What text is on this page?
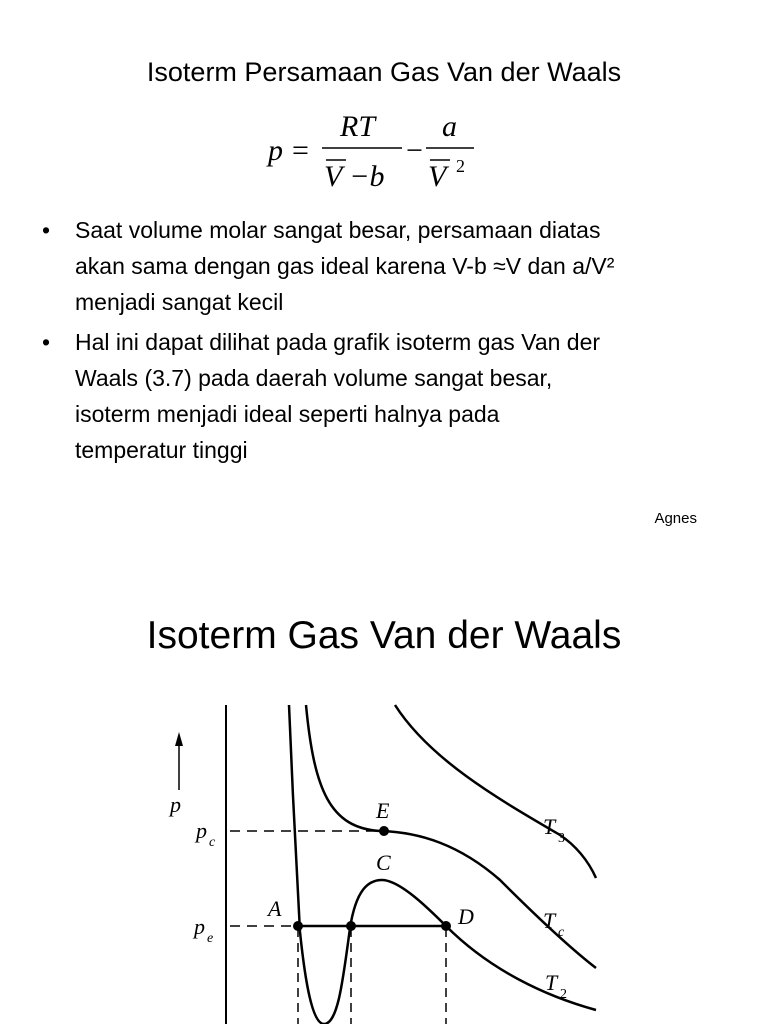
Isoterm Persamaan Gas Van der Waals
p =
RT
V −b
−
a
V 2
• Saat volume molar sangat besar, persamaan diatas
akan sama dengan gas ideal karena V-b ≈V dan a/V²
menjadi sangat kecil
• Hal ini dapat dilihat pada grafik isoterm gas Van der
Waals (3.7) pada daerah volume sangat besar,
isoterm menjadi ideal seperti halnya pada
temperatur tinggi
Agnes
Isoterm Gas Van der Waals
p
p c
p e
E
C
A	D
T 3
T c
T 2
